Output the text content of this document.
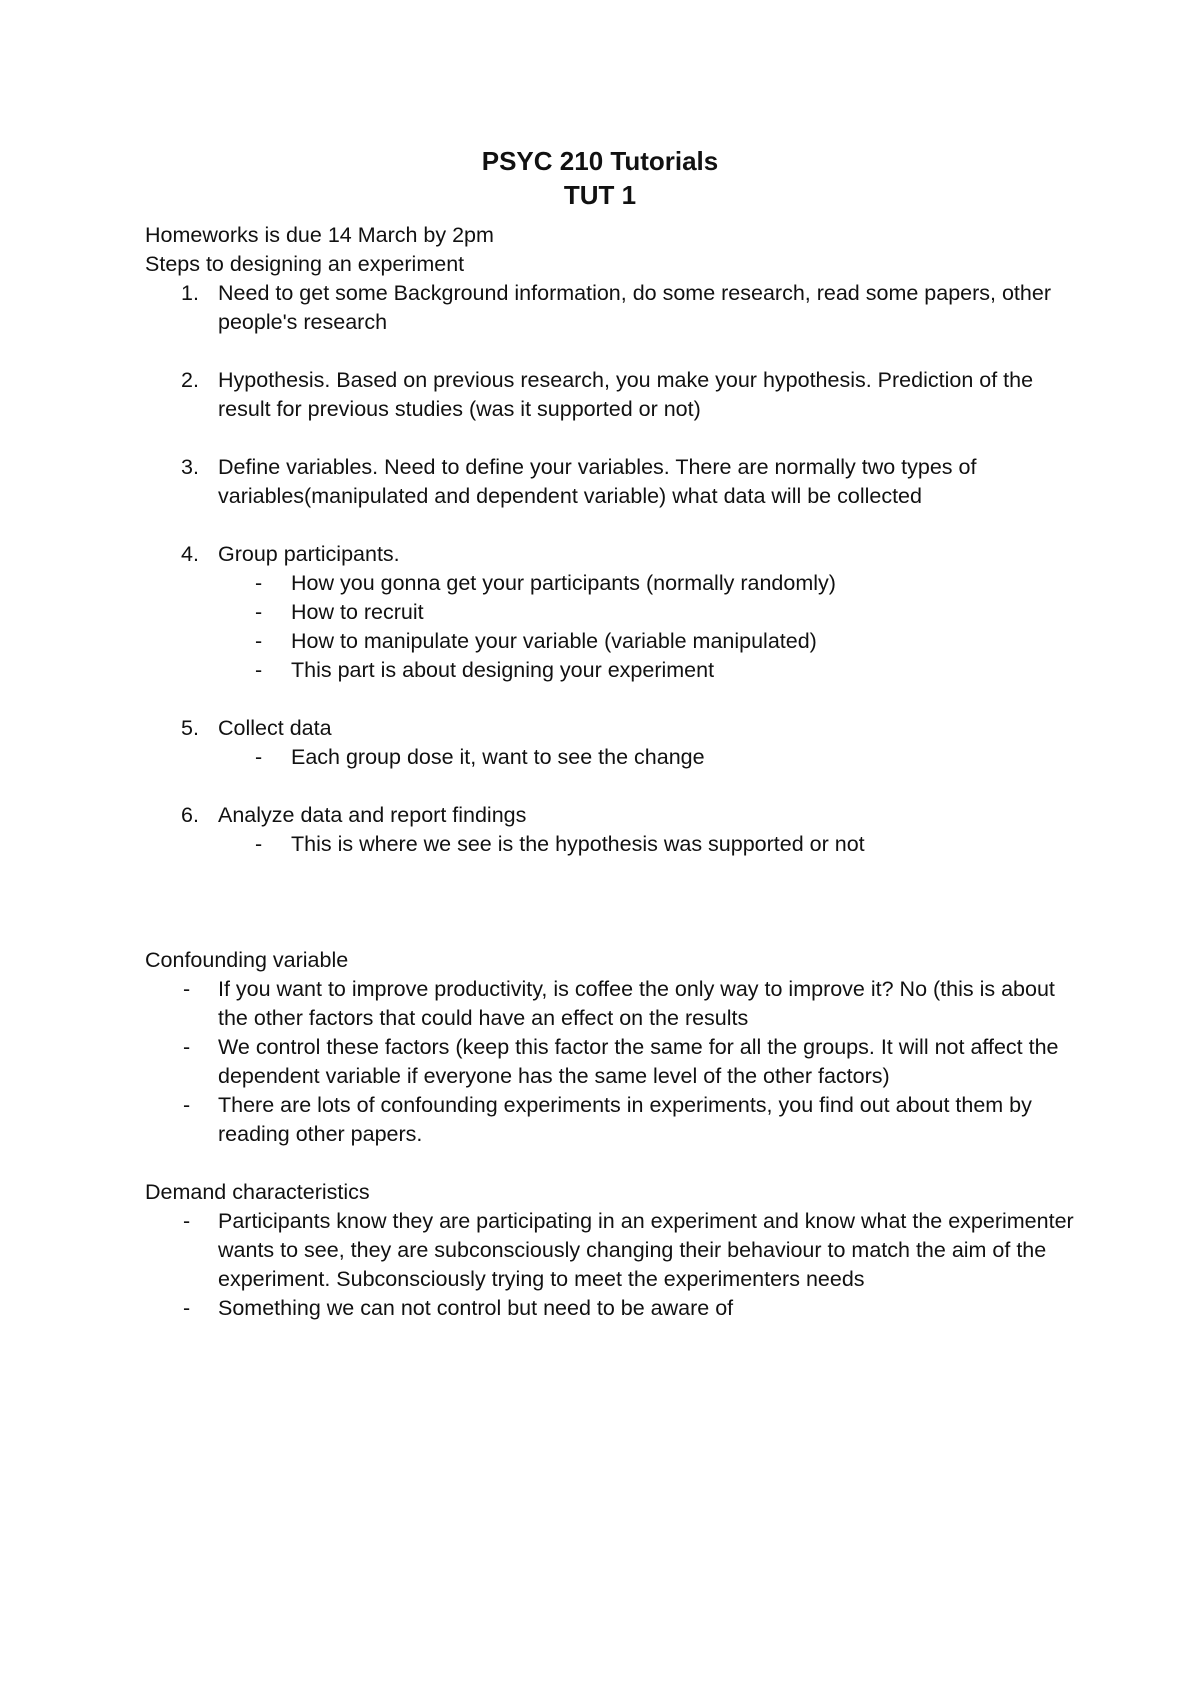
PSYC 210 Tutorials
TUT 1
Homeworks is due 14 March by 2pm
Steps to designing an experiment
1. Need to get some Background information, do some research, read some papers, other people's research
2. Hypothesis. Based on previous research, you make your hypothesis. Prediction of the result for previous studies (was it supported or not)
3. Define variables. Need to define your variables. There are normally two types of variables(manipulated and dependent variable) what data will be collected
4. Group participants.
- How you gonna get your participants (normally randomly)
- How to recruit
- How to manipulate your variable (variable manipulated)
- This part is about designing your experiment
5. Collect data
- Each group dose it, want to see the change
6. Analyze data and report findings
- This is where we see is the hypothesis was supported or not
Confounding variable
- If you want to improve productivity, is coffee the only way to improve it? No (this is about the other factors that could have an effect on the results
- We control these factors (keep this factor the same for all the groups. It will not affect the dependent variable if everyone has the same level of the other factors)
- There are lots of confounding experiments in experiments, you find out about them by reading other papers.
Demand characteristics
- Participants know they are participating in an experiment and know what the experimenter wants to see, they are subconsciously changing their behaviour to match the aim of the experiment. Subconsciously trying to meet the experimenters needs
- Something we can not control but need to be aware of
